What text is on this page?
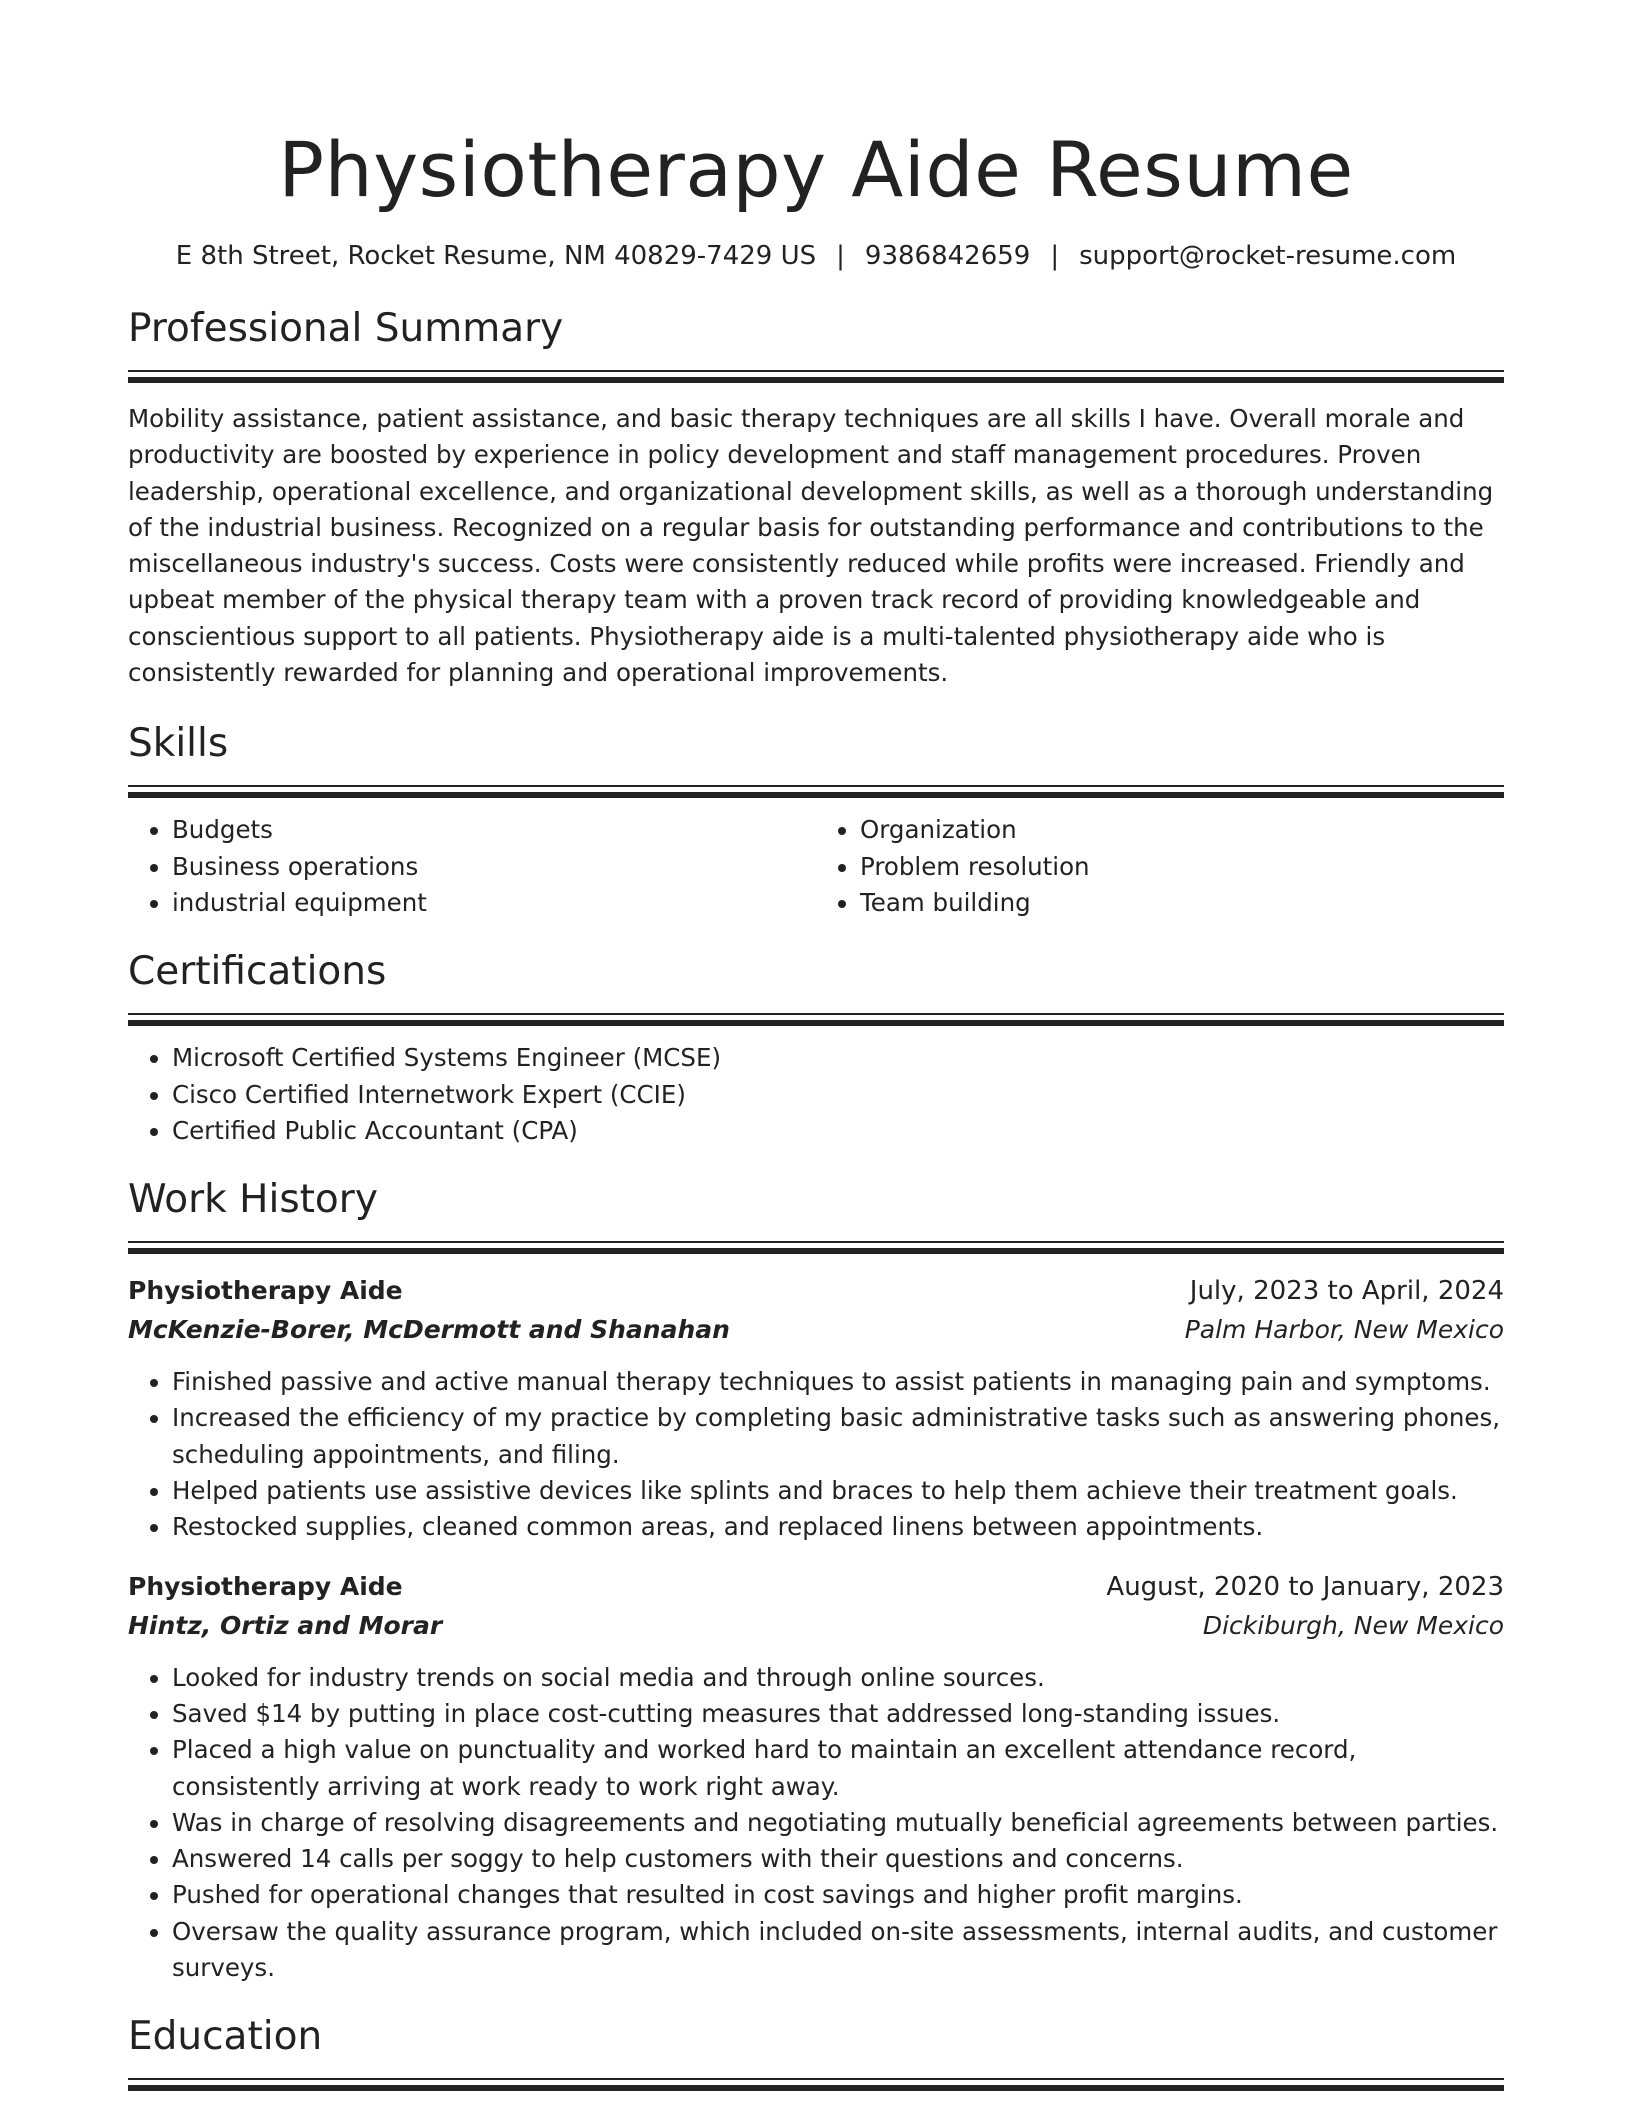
Physiotherapy Aide Resume
E 8th Street, Rocket Resume, NM 40829-7429 US | 9386842659 | support@rocket-resume.com
Professional Summary

Mobility assistance, patient assistance, and basic therapy techniques are all skills I have. Overall morale and productivity are boosted by experience in policy development and staff management procedures. Proven leadership, operational excellence, and organizational development skills, as well as a thorough understanding of the industrial business. Recognized on a regular basis for outstanding performance and contributions to the miscellaneous industry's success. Costs were consistently reduced while profits were increased. Friendly and upbeat member of the physical therapy team with a proven track record of providing knowledgeable and conscientious support to all patients. Physiotherapy aide is a multi-talented physiotherapy aide who is consistently rewarded for planning and operational improvements.

Skills
• Budgets
• Business operations
• industrial equipment
• Organization
• Problem resolution
• Team building
Certifications
• Microsoft Certified Systems Engineer (MCSE)
• Cisco Certified Internetwork Expert (CCIE)
• Certified Public Accountant (CPA)
Work History
Physiotherapy Aide	July, 2023 to April, 2024
McKenzie-Borer, McDermott and Shanahan	Palm Harbor, New Mexico
• Finished passive and active manual therapy techniques to assist patients in managing pain and symptoms.
• Increased the efficiency of my practice by completing basic administrative tasks such as answering phones, scheduling appointments, and filing.
• Helped patients use assistive devices like splints and braces to help them achieve their treatment goals.
• Restocked supplies, cleaned common areas, and replaced linens between appointments.
Physiotherapy Aide	August, 2020 to January, 2023
Hintz, Ortiz and Morar	Dickiburgh, New Mexico
• Looked for industry trends on social media and through online sources.
• Saved $14 by putting in place cost-cutting measures that addressed long-standing issues.
• Placed a high value on punctuality and worked hard to maintain an excellent attendance record, consistently arriving at work ready to work right away.
• Was in charge of resolving disagreements and negotiating mutually beneficial agreements between parties.
• Answered 14 calls per soggy to help customers with their questions and concerns.
• Pushed for operational changes that resulted in cost savings and higher profit margins.
• Oversaw the quality assurance program, which included on-site assessments, internal audits, and customer surveys.
Education
